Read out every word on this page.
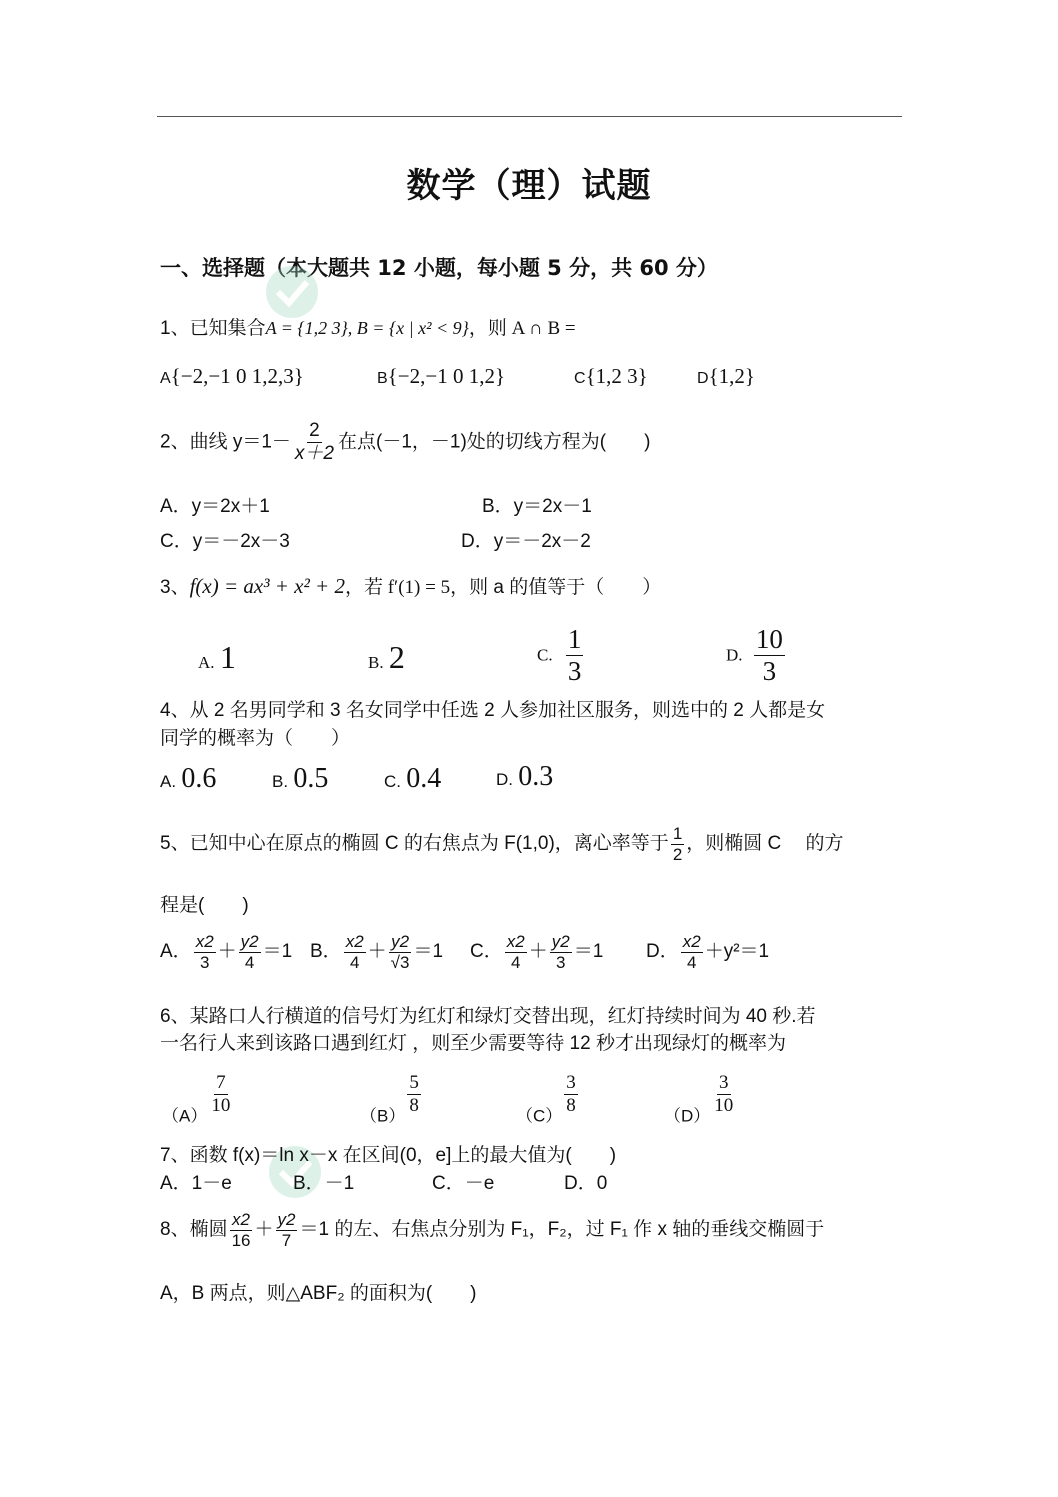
数学（理）试题
一、选择题（本大题共 12 小题，每小题 5 分，共 60 分）
1、已知集合A = {1,2 3}, B = {x | x² < 9}，则 A ∩ B =
A{−2,−1 0 1,2,3}	B{−2,−1 0 1,2}	C{1,2 3}	D{1,2}
2、曲线 $y=1- \frac{2}{x+2}$ 在点(－1，－1)处的切线方程为(　　)
A．y＝2x＋1	B．y＝2x－1
C．y＝－2x－3	D．y＝－2x－2
3、f(x) = ax³ + x² + 2，若 f′(1) = 5，则 a 的值等于（　　）
A. 1	B. 2	C. $\frac{1}{3}$	D. $\frac{10}{3}$
4、从 2 名男同学和 3 名女同学中任选 2 人参加社区服务，则选中的 2 人都是女
同学的概率为（　　）
A. 0.6	B. 0.5	C. 0.4	D. 0.3
5、已知中心在原点的椭圆 C 的右焦点为 F(1,0)，离心率等于 $\frac{1}{2}$ ，则椭圆 C　 的方
程是(　　)
A． $\frac{x2}{3} + \frac{y2}{4} =1$ B． $\frac{x2}{4} + \frac{y2}{√3} =1$ C． $\frac{x2}{4} + \frac{y2}{3} =1$ D． $\frac{x2}{4} +y^2=1$
6、某路口人行横道的信号灯为红灯和绿灯交替出现，红灯持续时间为 40 秒.若
一名行人来到该路口遇到红灯 ，则至少需要等待 12 秒才出现绿灯的概率为
$(A) \frac{7}{10}$	$(B) \frac{5}{8}$	$(C) \frac{3}{8}$	$(D) \frac{3}{10}$
7、函数 f(x)＝ln x－x 在区间(0，e]上的最大值为(　　)
A．1－e	B．－1	C．－e	D．0
8、椭圆 $\frac{x2}{16} + \frac{y2}{7} =1$ 的左、右焦点分别为 F₁，F₂，过 F₁ 作 x 轴的垂线交椭圆于
A，B 两点，则△ABF₂ 的面积为(　　)
